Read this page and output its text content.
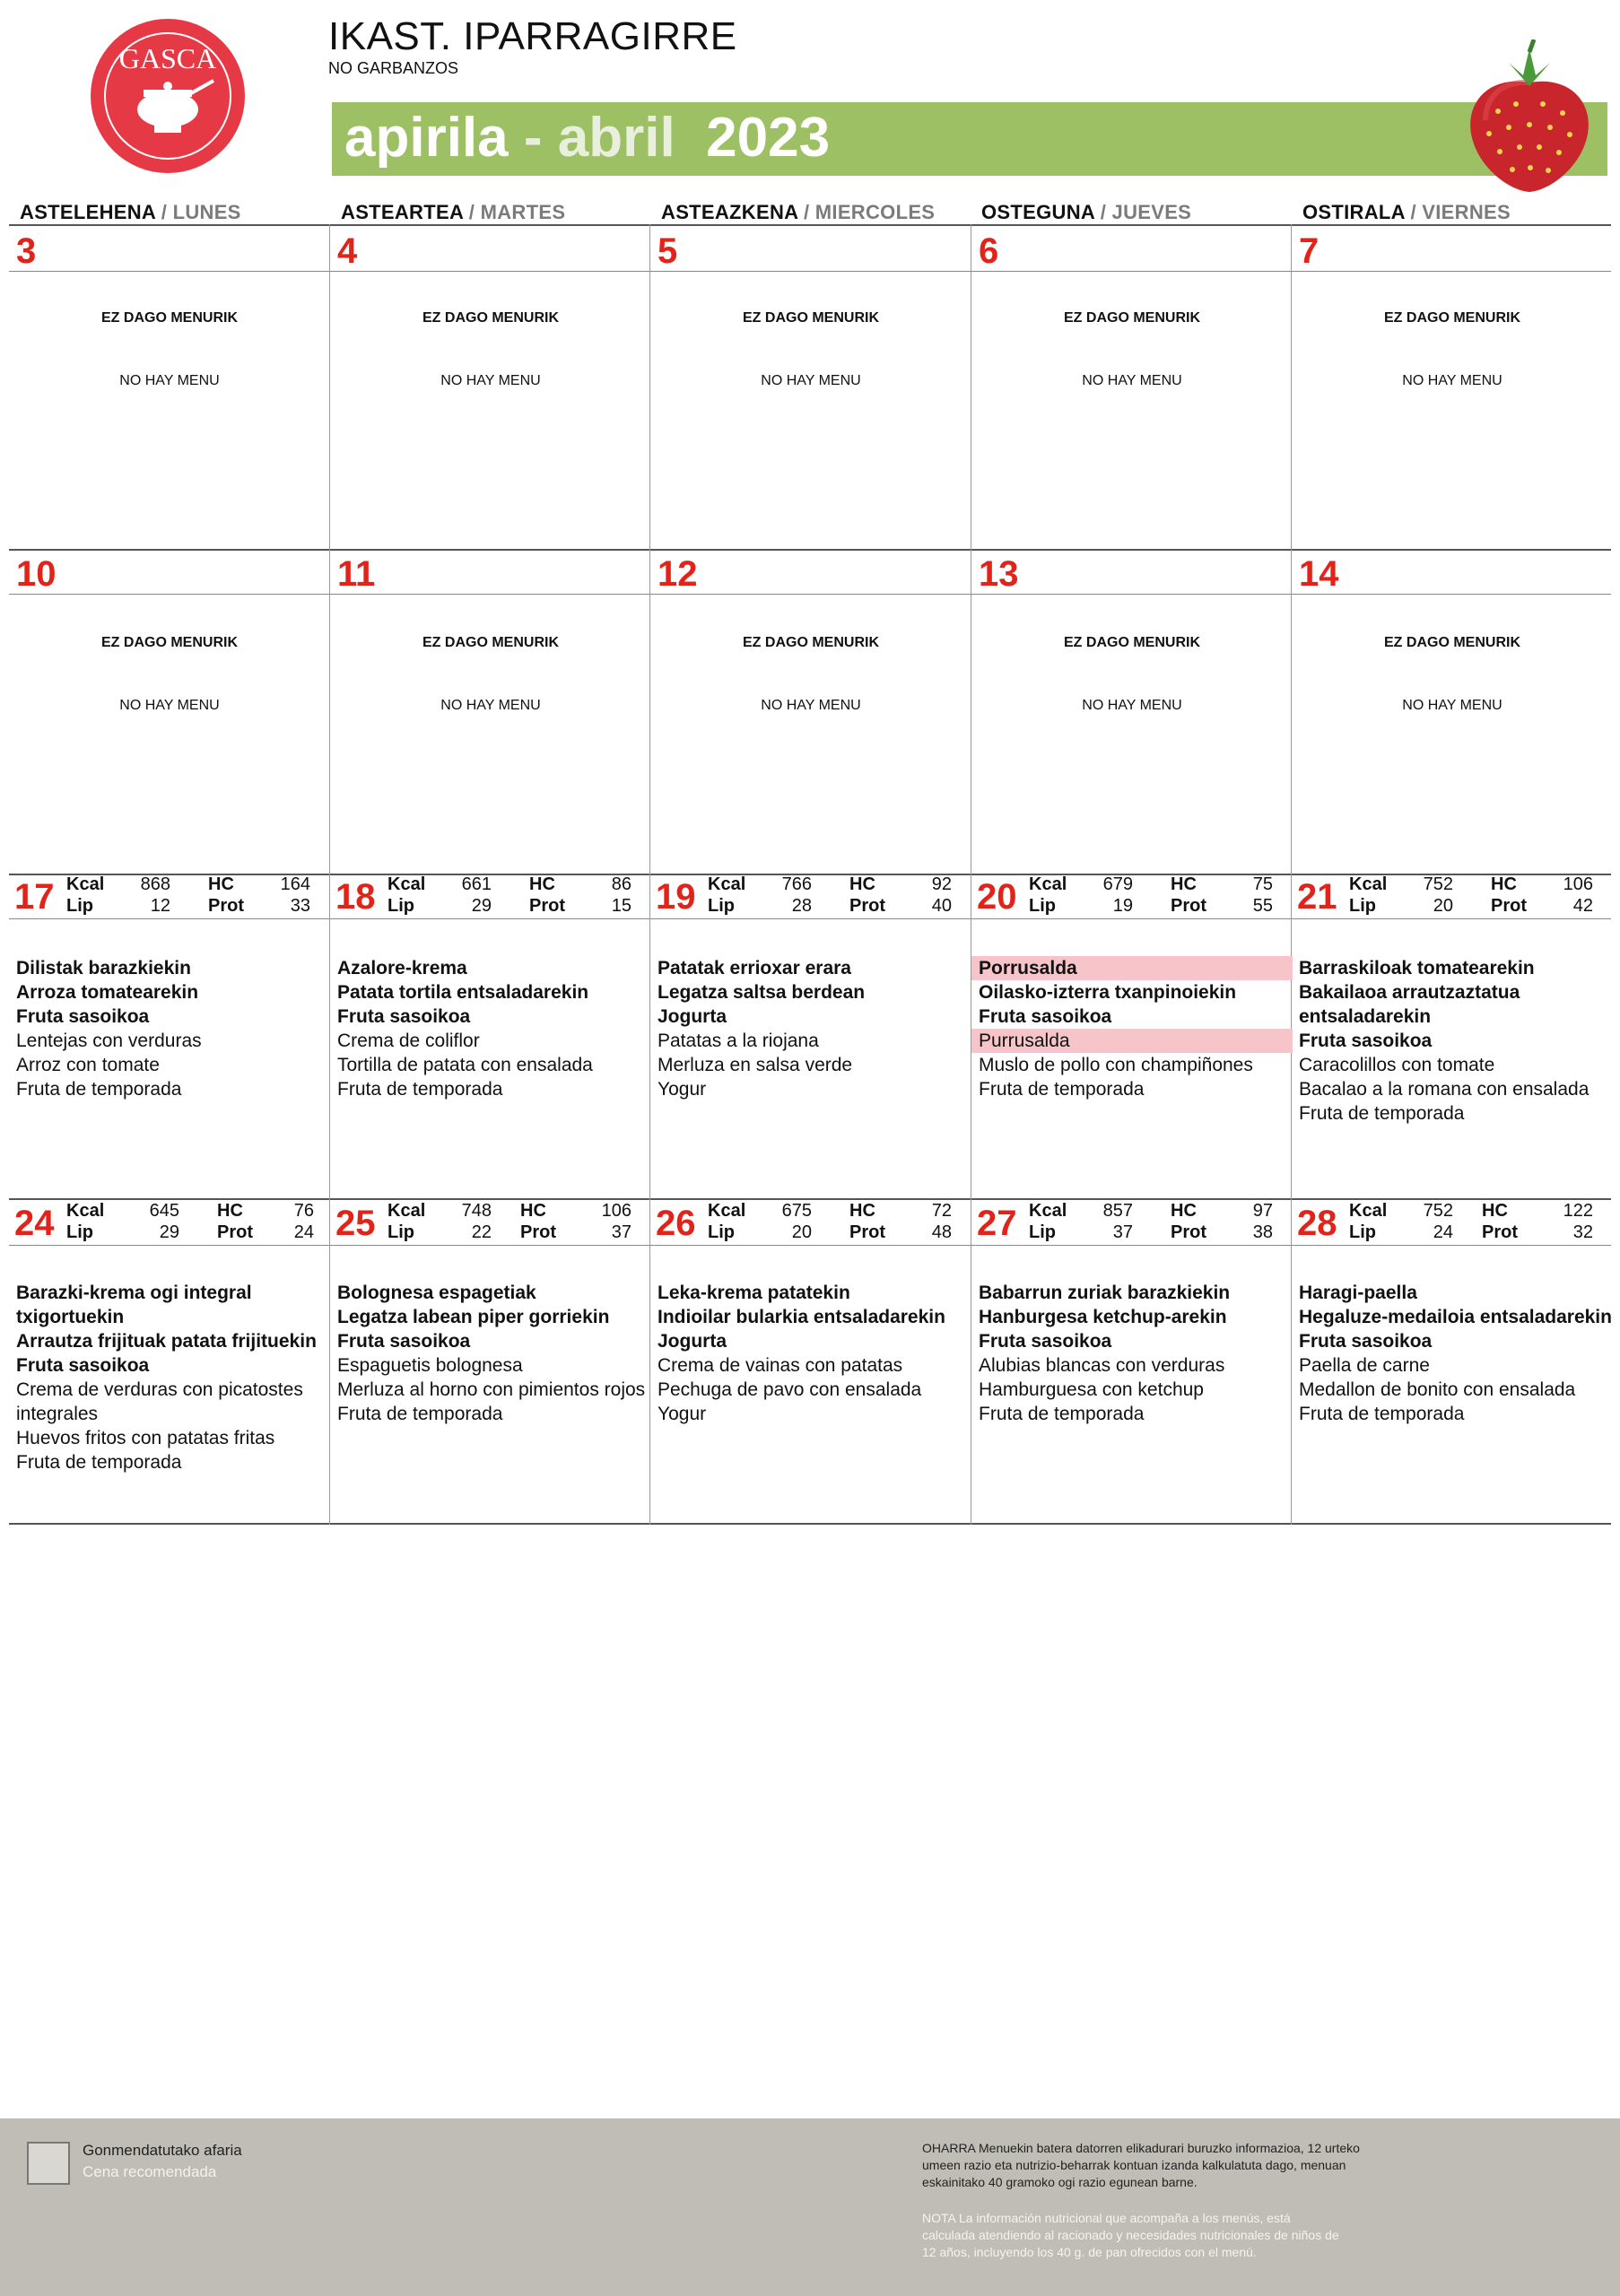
GASCA	IKAST. IPARRAGIRRE
NO GARBANZOS
apirila - abril 2023
ASTELEHENA / LUNES	ASTEARTEA / MARTES	ASTEAZKENA / MIERCOLES OSTEGUNA / JUEVES	OSTIRALA / VIERNES
3
EZ DAGO MENURIK
NO HAY MENU
4
EZ DAGO MENURIK
NO HAY MENU
5
EZ DAGO MENURIK
NO HAY MENU
6
EZ DAGO MENURIK
NO HAY MENU
7
EZ DAGO MENURIK
NO HAY MENU
10
EZ DAGO MENURIK
NO HAY MENU
11
EZ DAGO MENURIK
NO HAY MENU
12
EZ DAGO MENURIK
NO HAY MENU
13
EZ DAGO MENURIK
NO HAY MENU
14
EZ DAGO MENURIK
NO HAY MENU
17 Kcal	868 HC	164
Lip	12 Prot	33
Dilistak barazkiekin
Arroza tomatearekin
Fruta sasoikoa
Lentejas con verduras
Arroz con tomate
Fruta de temporada
18 Kcal	661 HC	86
Lip	29 Prot	15
Azalore-krema
Patata tortila entsaladarekin
Fruta sasoikoa
Crema de coliflor
Tortilla de patata con ensalada
Fruta de temporada
19 Kcal	766 HC	92
Lip	28 Prot	40
Patatak errioxar erara
Legatza saltsa berdean
Jogurta
Patatas a la riojana
Merluza en salsa verde
Yogur
20 Kcal	679 HC	75
Lip	19 Prot	55
Porrusalda
Oilasko-izterra txanpinoiekin
Fruta sasoikoa
Purrusalda
Muslo de pollo con champiñones
Fruta de temporada
21 Kcal	752 HC	106
Lip	20 Prot	42
Barraskiloak tomatearekin
Bakailaoa arrautzaztatua entsaladarekin
Fruta sasoikoa
Caracolillos con tomate
Bacalao a la romana con ensalada
Fruta de temporada
24 Kcal	645 HC	76
Lip	29 Prot	24
Barazki-krema ogi integral txigortuekin
Arrautza frijituak patata frijituekin
Fruta sasoikoa
Crema de verduras con picatostes integrales
Huevos fritos con patatas fritas
Fruta de temporada
25 Kcal	748 HC	106
Lip	22 Prot	37
Bolognesa espagetiak
Legatza labean piper gorriekin
Fruta sasoikoa
Espaguetis bolognesa
Merluza al horno con pimientos rojos
Fruta de temporada
26 Kcal	675 HC	72
Lip	20 Prot	48
Leka-krema patatekin
Indioilar bularkia entsaladarekin
Jogurta
Crema de vainas con patatas
Pechuga de pavo con ensalada
Yogur
27 Kcal	857 HC	97
Lip	37 Prot	38
Babarrun zuriak barazkiekin
Hanburgesa ketchup-arekin
Fruta sasoikoa
Alubias blancas con verduras
Hamburguesa con ketchup
Fruta de temporada
28 Kcal	752 HC	122
Lip	24 Prot	32
Haragi-paella
Hegaluze-medailoia entsaladarekin
Fruta sasoikoa
Paella de carne
Medallon de bonito con ensalada
Fruta de temporada
Gonmendatutako afaria
Cena recomendada
OHARRA Menuekin batera datorren elikadurari buruzko informazioa, 12 urteko umeen razio eta nutrizio-beharrak kontuan izanda kalkulatuta dago, menuan eskainitako 40 gramoko ogi razio egunean barne.
NOTA La información nutricional que acompaña a los menús, está calculada atendiendo al racionado y necesidades nutricionales de niños de 12 años, incluyendo los 40 g. de pan ofrecidos con el menú.
